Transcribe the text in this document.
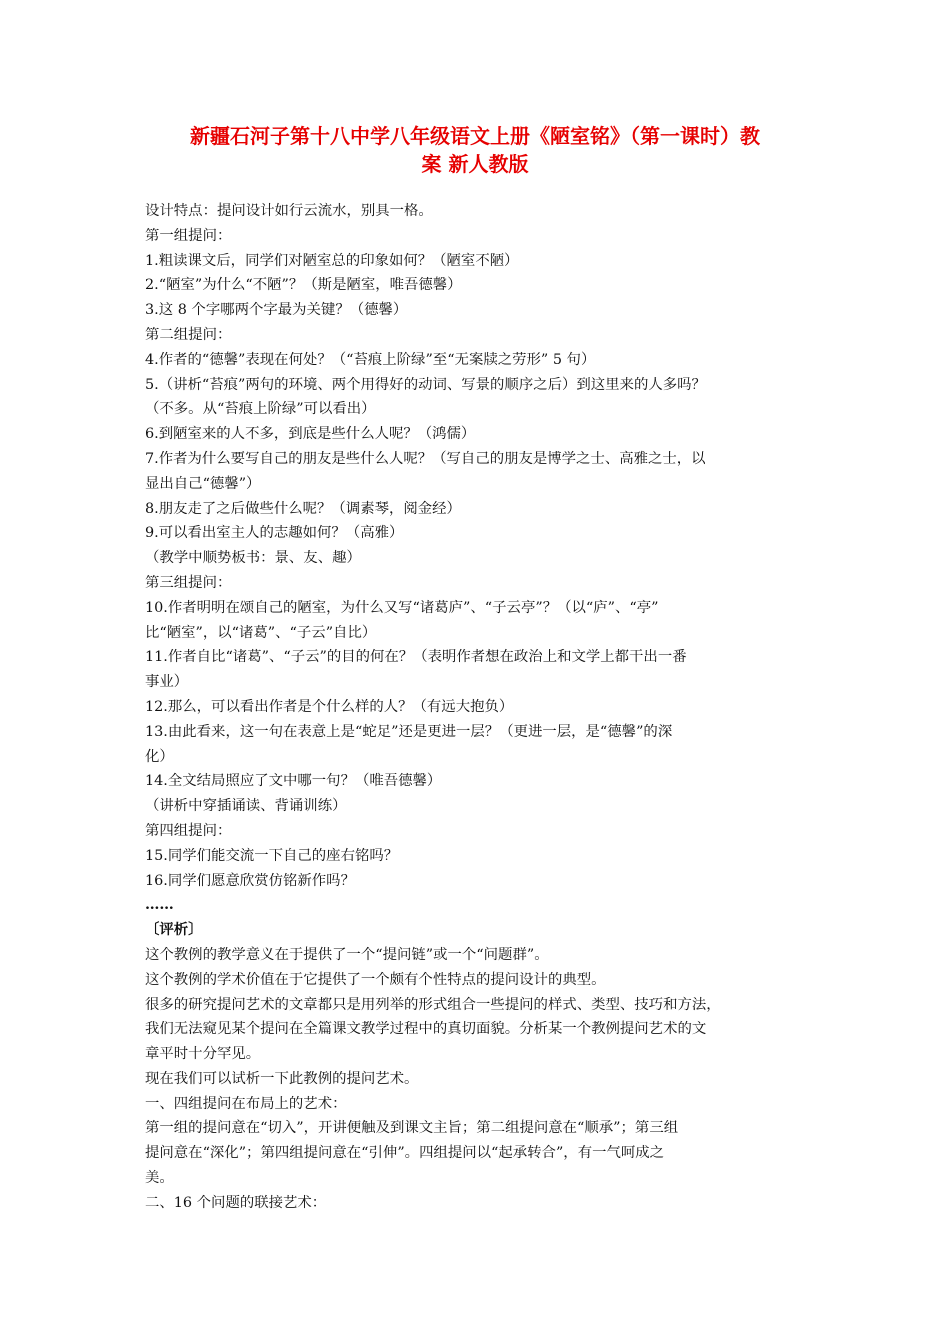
新疆石河子第十八中学八年级语文上册《陋室铭》（第一课时）教
案 新人教版

设计特点：提问设计如行云流水，别具一格。

第一组提问：

1.粗读课文后，同学们对陋室总的印象如何？（陋室不陋）

2.“陋室”为什么“不陋”？（斯是陋室，唯吾德馨）

3.这 8 个字哪两个字最为关键？（德馨）

第二组提问：

4.作者的“德馨”表现在何处？（“苔痕上阶绿”至“无案牍之劳形” 5 句）

5.（讲析“苔痕”两句的环境、两个用得好的动词、写景的顺序之后）到这里来的人多吗？

（不多。从“苔痕上阶绿”可以看出）

6.到陋室来的人不多，到底是些什么人呢？（鸿儒）

7.作者为什么要写自己的朋友是些什么人呢？（写自己的朋友是博学之士、高雅之士，以

显出自己“德馨”）

8.朋友走了之后做些什么呢？（调素琴，阅金经）

9.可以看出室主人的志趣如何？（高雅）

（教学中顺势板书：景、友、趣）

第三组提问：

10.作者明明在颂自己的陋室，为什么又写“诸葛庐”、“子云亭”？（以“庐”、“亭”

比“陋室”，以“诸葛”、“子云”自比）

11.作者自比“诸葛”、“子云”的目的何在？（表明作者想在政治上和文学上都干出一番

事业）

12.那么，可以看出作者是个什么样的人？（有远大抱负）

13.由此看来，这一句在表意上是“蛇足”还是更进一层？（更进一层，是“德馨”的深

化）

14.全文结局照应了文中哪一句？（唯吾德馨）

（讲析中穿插诵读、背诵训练）

第四组提问：

15.同学们能交流一下自己的座右铭吗？

16.同学们愿意欣赏仿铭新作吗？

……

〔评析〕

这个教例的教学意义在于提供了一个“提问链”或一个“问题群”。

这个教例的学术价值在于它提供了一个颇有个性特点的提问设计的典型。

很多的研究提问艺术的文章都只是用列举的形式组合一些提问的样式、类型、技巧和方法，

我们无法窥见某个提问在全篇课文教学过程中的真切面貌。分析某一个教例提问艺术的文

章平时十分罕见。

现在我们可以试析一下此教例的提问艺术。

一、四组提问在布局上的艺术：

第一组的提问意在“切入”，开讲便触及到课文主旨；第二组提问意在“顺承”；第三组

提问意在“深化”；第四组提问意在“引伸”。四组提问以“起承转合”，有一气呵成之

美。

二、16 个问题的联接艺术：
